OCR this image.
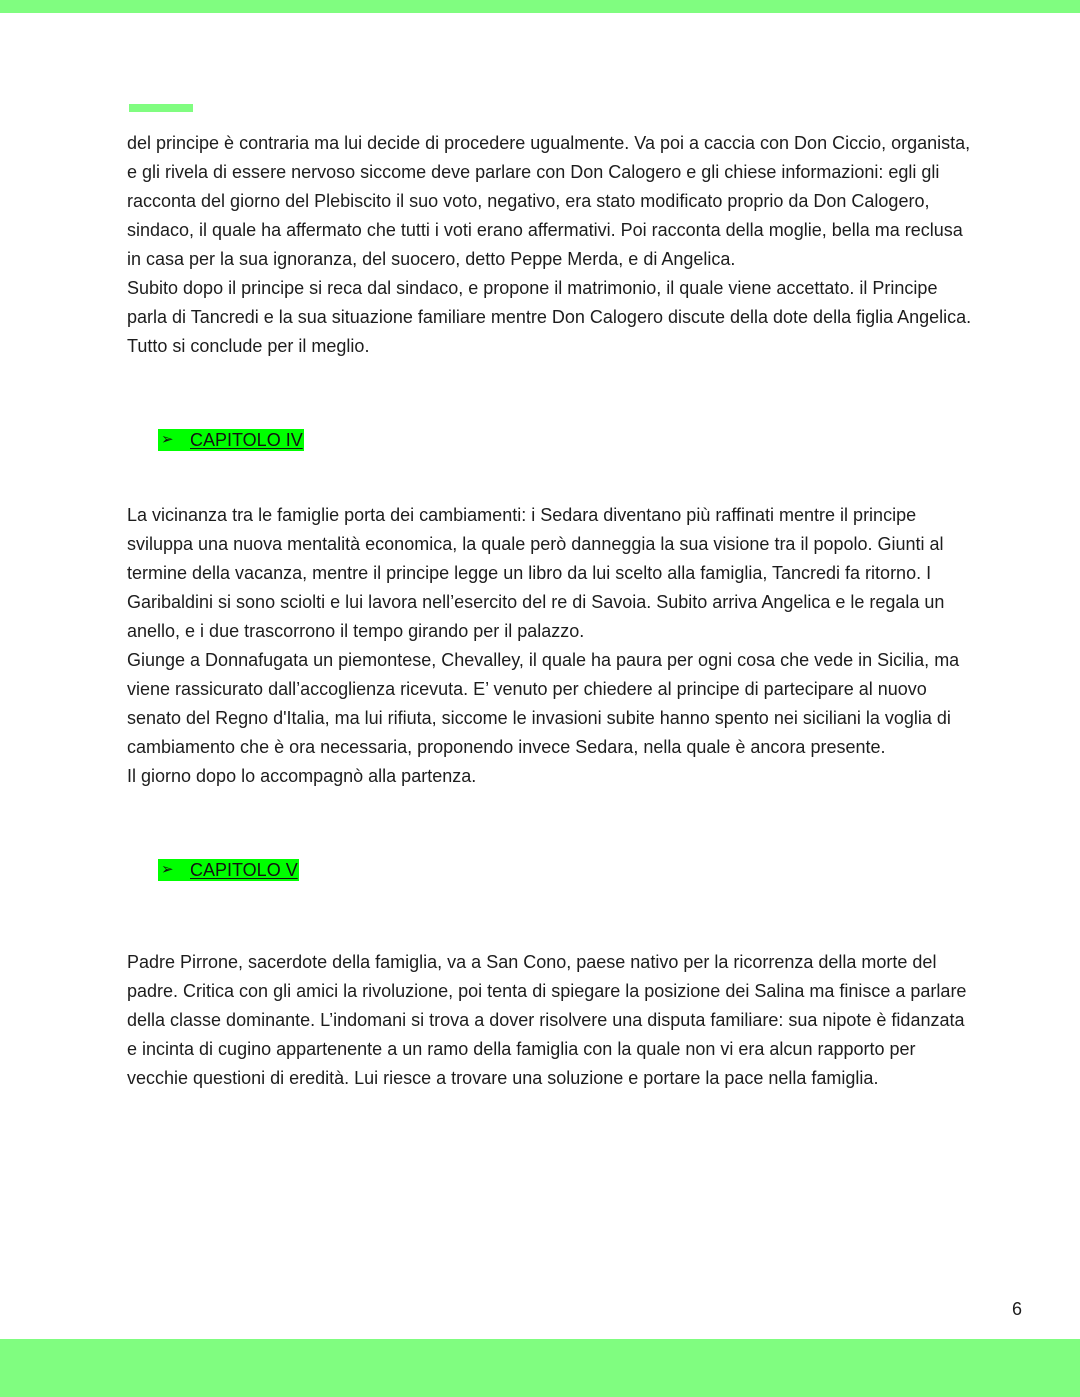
del principe è contraria ma lui decide di procedere ugualmente. Va poi a caccia con Don Ciccio, organista,
e gli rivela di essere nervoso siccome deve parlare con Don Calogero e gli chiese informazioni: egli gli
racconta del giorno del Plebiscito il suo voto, negativo, era stato modificato proprio da Don Calogero,
sindaco, il quale ha affermato che tutti i voti erano affermativi. Poi racconta della moglie, bella ma reclusa
in casa per la sua ignoranza, del suocero, detto Peppe Merda, e di Angelica.
Subito dopo il principe si reca dal sindaco, e propone il matrimonio, il quale viene accettato. il Principe
parla di Tancredi e la sua situazione familiare mentre Don Calogero discute della dote della figlia Angelica.
Tutto si conclude per il meglio.
➢ CAPITOLO IV
La vicinanza tra le famiglie porta dei cambiamenti: i Sedara diventano più raffinati mentre il principe
sviluppa una nuova mentalità economica, la quale però danneggia la sua visione tra il popolo. Giunti al
termine della vacanza, mentre il principe legge un libro da lui scelto alla famiglia, Tancredi fa ritorno. I
Garibaldini si sono sciolti e lui lavora nell’esercito del re di Savoia. Subito arriva Angelica e le regala un
anello, e i due trascorrono il tempo girando per il palazzo.
Giunge a Donnafugata un piemontese, Chevalley, il quale ha paura per ogni cosa che vede in Sicilia, ma
viene rassicurato dall’accoglienza ricevuta. E’ venuto per chiedere al principe di partecipare al nuovo
senato del Regno d'Italia, ma lui rifiuta, siccome le invasioni subite hanno spento nei siciliani la voglia di
cambiamento che è ora necessaria, proponendo invece Sedara, nella quale è ancora presente.
Il giorno dopo lo accompagnò alla partenza.
➢ CAPITOLO V
Padre Pirrone, sacerdote della famiglia, va a San Cono, paese nativo per la ricorrenza della morte del
padre. Critica con gli amici la rivoluzione, poi tenta di spiegare la posizione dei Salina ma finisce a parlare
della classe dominante. L’indomani si trova a dover risolvere una disputa familiare: sua nipote è fidanzata
e incinta di cugino appartenente a un ramo della famiglia con la quale non vi era alcun rapporto per
vecchie questioni di eredità. Lui riesce a trovare una soluzione e portare la pace nella famiglia.
6
